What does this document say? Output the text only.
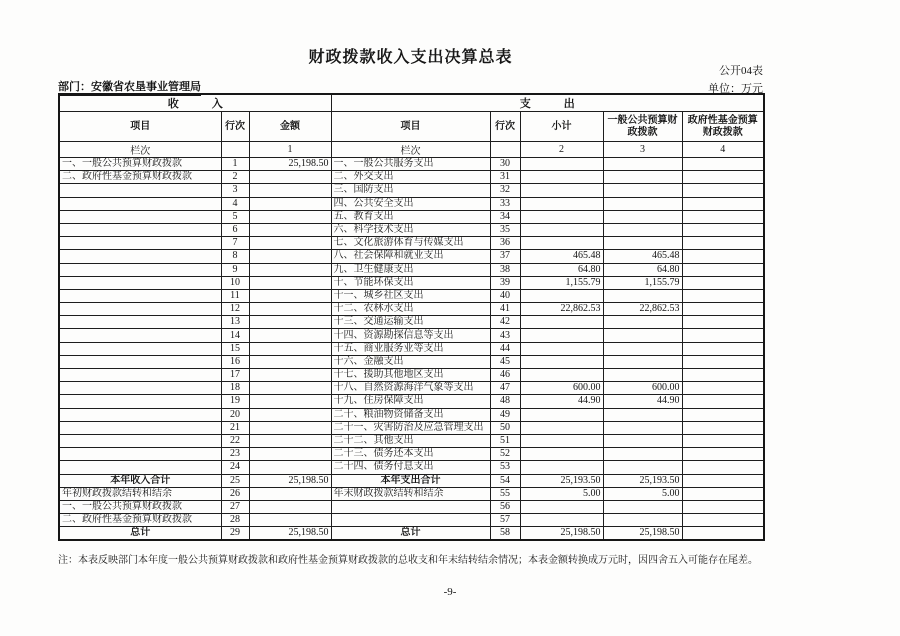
财政拨款收入支出决算总表
公开04表
部门：安徽省农垦事业管理局	单位：万元
收　　　入			支　　　出				
项目	行次	金额	项目	行次	小计	一般公共预算财政拨款	政府性基金预算财政拨款
栏次		1	栏次		2	3	4
一、一般公共预算财政拨款	1	25,198.50	一、一般公共服务支出	30			
二、政府性基金预算财政拨款	2		二、外交支出	31			
	3		三、国防支出	32			
	4		四、公共安全支出	33			
	5		五、教育支出	34			
	6		六、科学技术支出	35			
	7		七、文化旅游体育与传媒支出	36			
	8		八、社会保障和就业支出	37	465.48	465.48	
	9		九、卫生健康支出	38	64.80	64.80	
	10		十、节能环保支出	39	1,155.79	1,155.79	
	11		十一、城乡社区支出	40			
	12		十二、农林水支出	41	22,862.53	22,862.53	
	13		十三、交通运输支出	42			
	14		十四、资源勘探信息等支出	43			
	15		十五、商业服务业等支出	44			
	16		十六、金融支出	45			
	17		十七、援助其他地区支出	46			
	18		十八、自然资源海洋气象等支出	47	600.00	600.00	
	19		十九、住房保障支出	48	44.90	44.90	
	20		二十、粮油物资储备支出	49			
	21		二十一、灾害防治及应急管理支出	50			
	22		二十二、其他支出	51			
	23		二十三、债务还本支出	52			
	24		二十四、债务付息支出	53			
本年收入合计	25	25,198.50	本年支出合计	54	25,193.50	25,193.50	
年初财政拨款结转和结余	26		年末财政拨款结转和结余	55	5.00	5.00	
一、一般公共预算财政拨款	27			56			
二、政府性基金预算财政拨款	28			57			
总计	29	25,198.50	总计	58	25,198.50	25,198.50	
注：本表反映部门本年度一般公共预算财政拨款和政府性基金预算财政拨款的总收支和年末结转结余情况；本表金额转换成万元时，因四舍五入可能存在尾差。
-9-
